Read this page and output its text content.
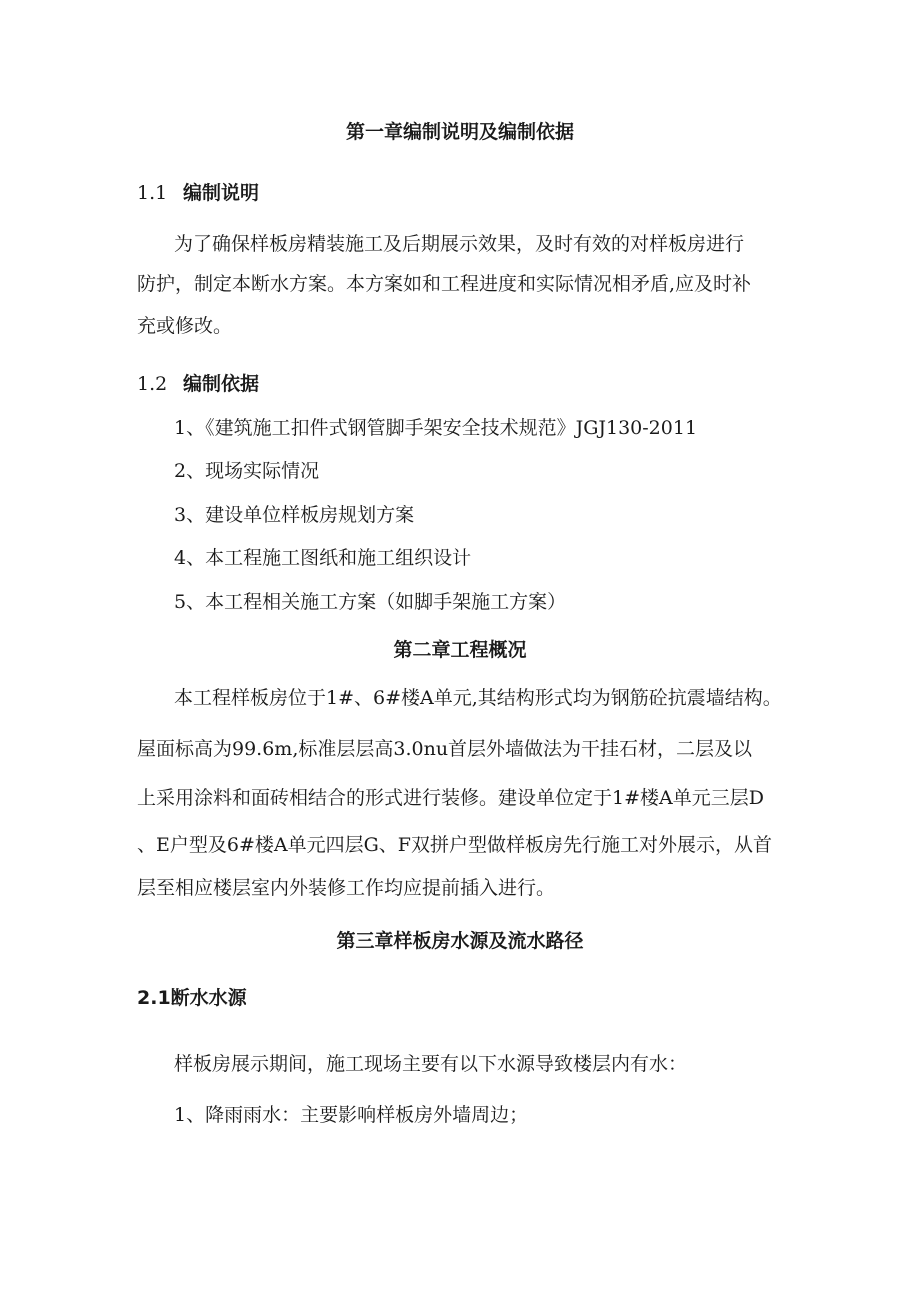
第一章编制说明及编制依据

1.1 编制说明

为了确保样板房精装施工及后期展示效果，及时有效的对样板房进行

防护，制定本断水方案。本方案如和工程进度和实际情况相矛盾,应及时补

充或修改。

1.2 编制依据

1、《建筑施工扣件式钢管脚手架安全技术规范》JGJ130-2011

2、现场实际情况

3、建设单位样板房规划方案

4、本工程施工图纸和施工组织设计

5、本工程相关施工方案（如脚手架施工方案）

第二章工程概况

本工程样板房位于1#、6#楼A单元,其结构形式均为钢筋砼抗震墙结构。

屋面标高为99.6m,标准层层高3.0nu首层外墙做法为干挂石材，二层及以

上采用涂料和面砖相结合的形式进行装修。建设单位定于1#楼A单元三层D

、E户型及6#楼A单元四层G、F双拼户型做样板房先行施工对外展示，从首

层至相应楼层室内外装修工作均应提前插入进行。

第三章样板房水源及流水路径

2.1断水水源

样板房展示期间，施工现场主要有以下水源导致楼层内有水：

1、降雨雨水：主要影响样板房外墙周边；
